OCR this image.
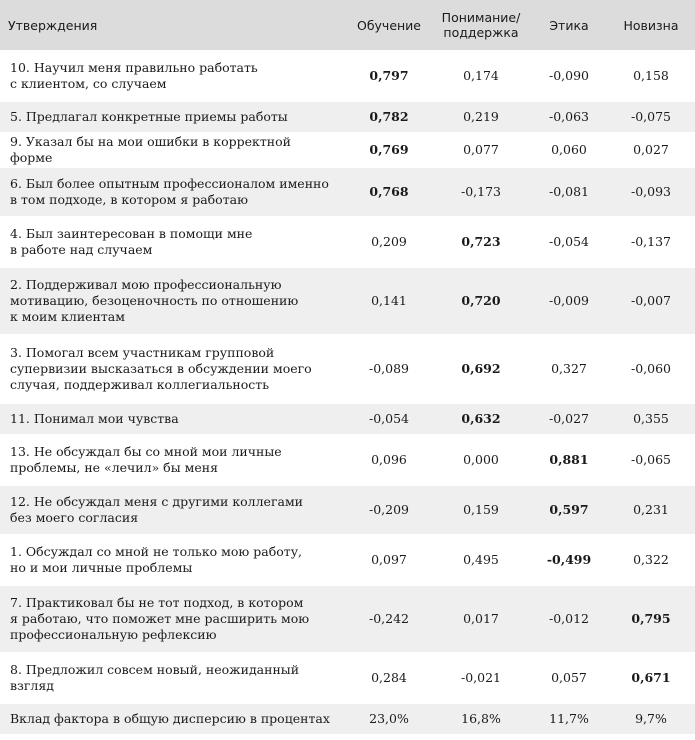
Утверждения	Обучение	Понимание/ поддержка	Этика	Новизна
10. Научил меня правильно работать
с клиентом, со случаем	0,797	0,174	-0,090	0,158
5. Предлагал конкретные приемы работы	0,782	0,219	-0,063	-0,075
9. Указал бы на мои ошибки в корректной форме	0,769	0,077	0,060	0,027
6. Был более опытным профессионалом именно
в том подходе, в котором я работаю	0,768	-0,173	-0,081	-0,093
4. Был заинтересован в помощи мне
в работе над случаем	0,209	0,723	-0,054	-0,137
2. Поддерживал мою профессиональную
мотивацию, безоценочность по отношению
к моим клиентам	0,141	0,720	-0,009	-0,007
3. Помогал всем участникам групповой
супервизии высказаться в обсуждении моего
случая, поддерживал коллегиальность	-0,089	0,692	0,327	-0,060
11. Понимал мои чувства	-0,054	0,632	-0,027	0,355
13. Не обсуждал бы со мной мои личные
проблемы, не «лечил» бы меня	0,096	0,000	0,881	-0,065
12. Не обсуждал меня с другими коллегами
без моего согласия	-0,209	0,159	0,597	0,231
1. Обсуждал со мной не только мою работу,
но и мои личные проблемы	0,097	0,495	-0,499	0,322
7. Практиковал бы не тот подход, в котором
я работаю, что поможет мне расширить мою
профессиональную рефлексию	-0,242	0,017	-0,012	0,795
8. Предложил совсем новый, неожиданный
взгляд	0,284	-0,021	0,057	0,671
Вклад фактора в общую дисперсию в процентах	23,0%	16,8%	11,7%	9,7%
